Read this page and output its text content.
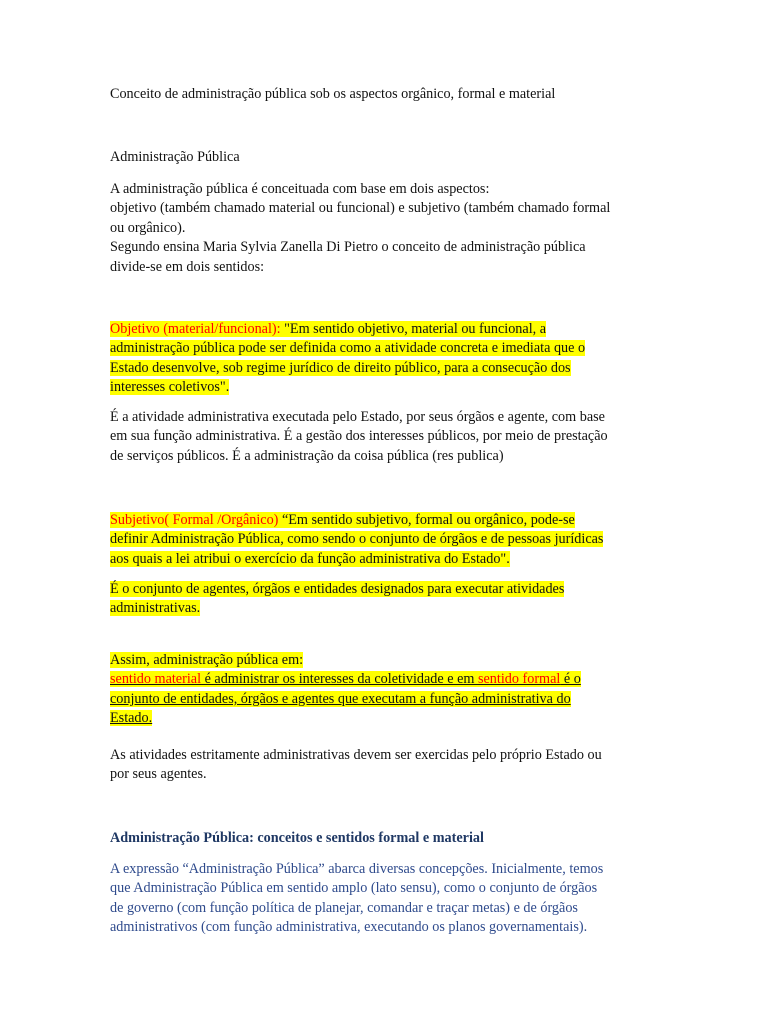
Conceito de administração pública sob os aspectos orgânico, formal e material
Administração Pública
A administração pública é conceituada com base em dois aspectos:
objetivo (também chamado material ou funcional) e subjetivo (também chamado formal
ou orgânico).
Segundo ensina Maria Sylvia Zanella Di Pietro o conceito de administração pública
divide-se em dois sentidos:
Objetivo (material/funcional): "Em sentido objetivo, material ou funcional, a
administração pública pode ser definida como a atividade concreta e imediata que o
Estado desenvolve, sob regime jurídico de direito público, para a consecução dos
interesses coletivos".
É a atividade administrativa executada pelo Estado, por seus órgãos e agente, com base
em sua função administrativa. É a gestão dos interesses públicos, por meio de prestação
de serviços públicos. É a administração da coisa pública (res publica)
Subjetivo( Formal /Orgânico) “Em sentido subjetivo, formal ou orgânico, pode-se
definir Administração Pública, como sendo o conjunto de órgãos e de pessoas jurídicas
aos quais a lei atribui o exercício da função administrativa do Estado".
É o conjunto de agentes, órgãos e entidades designados para executar atividades
administrativas.
Assim, administração pública em:
sentido material é administrar os interesses da coletividade e em sentido formal é o
conjunto de entidades, órgãos e agentes que executam a função administrativa do
Estado.
As atividades estritamente administrativas devem ser exercidas pelo próprio Estado ou
por seus agentes.
Administração Pública: conceitos e sentidos formal e material
A expressão “Administração Pública” abarca diversas concepções. Inicialmente, temos
que Administração Pública em sentido amplo (lato sensu), como o conjunto de órgãos
de governo (com função política de planejar, comandar e traçar metas) e de órgãos
administrativos (com função administrativa, executando os planos governamentais).
